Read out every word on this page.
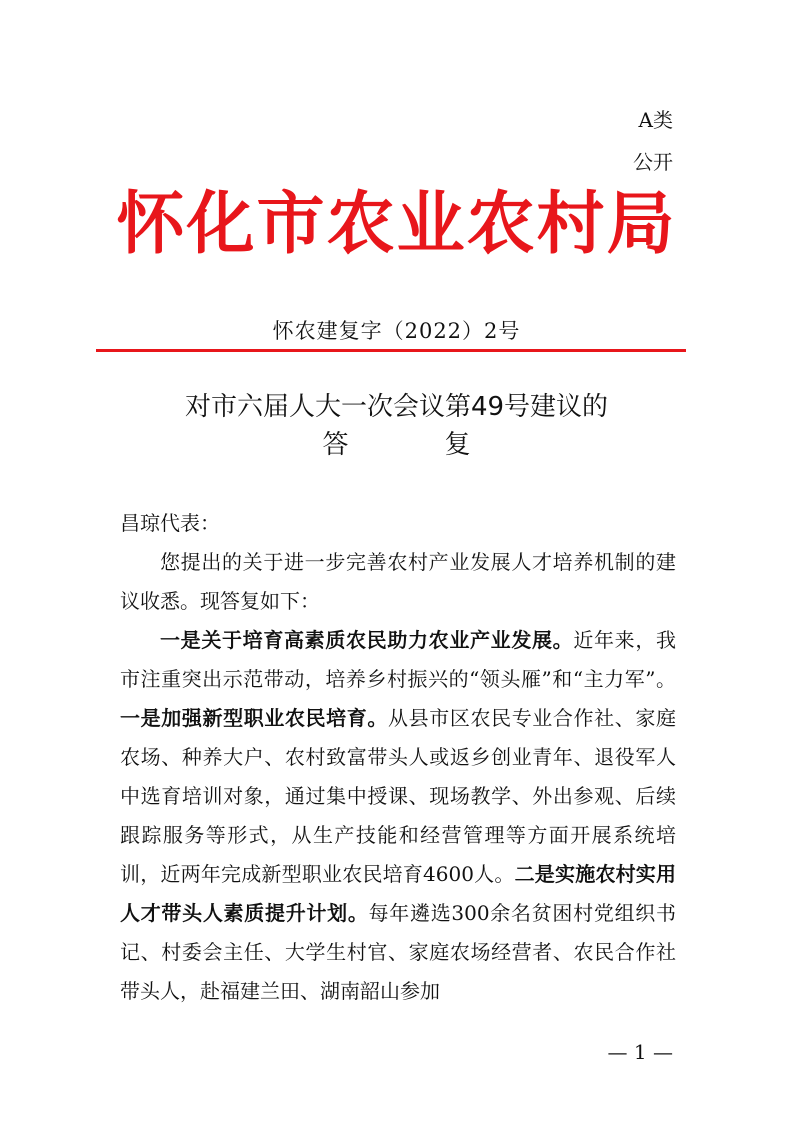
A类
公开
怀化市农业农村局
怀农建复字（2022）2号
对市六届人大一次会议第49号建议的
答	复

昌琼代表：

您提出的关于进一步完善农村产业发展人才培养机制的建议收悉。现答复如下：

一是关于培育高素质农民助力农业产业发展。近年来，我市注重突出示范带动，培养乡村振兴的“领头雁”和“主力军”。一是加强新型职业农民培育。从县市区农民专业合作社、家庭农场、种养大户、农村致富带头人或返乡创业青年、退役军人中选育培训对象，通过集中授课、现场教学、外出参观、后续跟踪服务等形式，从生产技能和经营管理等方面开展系统培训，近两年完成新型职业农民培育4600人。二是实施农村实用人才带头人素质提升计划。每年遴选300余名贫困村党组织书记、村委会主任、大学生村官、家庭农场经营者、农民合作社带头人，赴福建兰田、湖南韶山参加

— 1 —
